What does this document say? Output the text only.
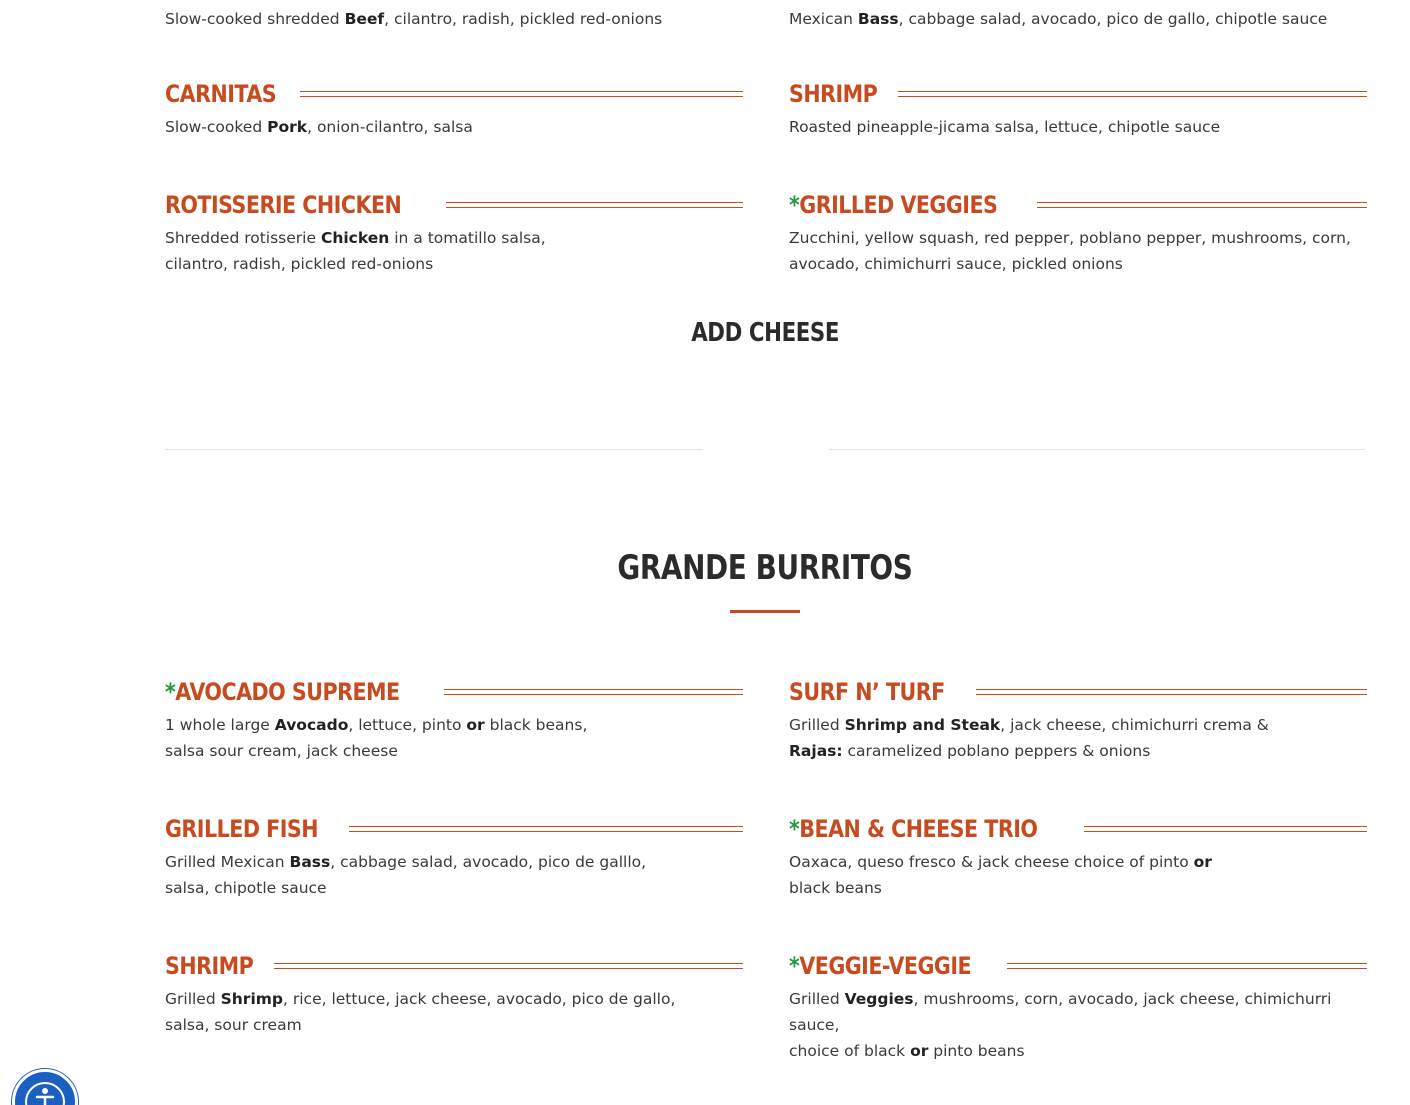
Slow-cooked shredded Beef, cilantro, radish, pickled red-onions	Mexican Bass, cabbage salad, avocado, pico de gallo, chipotle sauce
CARNITAS
Slow-cooked Pork, onion-cilantro, salsa
SHRIMP
Roasted pineapple-jicama salsa, lettuce, chipotle sauce
ROTISSERIE CHICKEN
Shredded rotisserie Chicken in a tomatillo salsa,
cilantro, radish, pickled red-onions
*GRILLED VEGGIES
Zucchini, yellow squash, red pepper, poblano pepper, mushrooms, corn,
avocado, chimichurri sauce, pickled onions
ADD CHEESE
GRANDE BURRITOS
*AVOCADO SUPREME
1 whole large Avocado, lettuce, pinto or black beans,
salsa sour cream, jack cheese
SURF N’ TURF
Grilled Shrimp and Steak, jack cheese, chimichurri crema &
Rajas: caramelized poblano peppers & onions
GRILLED FISH
Grilled Mexican Bass, cabbage salad, avocado, pico de galllo,
salsa, chipotle sauce
*BEAN & CHEESE TRIO
Oaxaca, queso fresco & jack cheese choice of pinto or
black beans
SHRIMP
Grilled Shrimp, rice, lettuce, jack cheese, avocado, pico de gallo,
salsa, sour cream
*VEGGIE-VEGGIE
Grilled Veggies, mushrooms, corn, avocado, jack cheese, chimichurri sauce,
choice of black or pinto beans
